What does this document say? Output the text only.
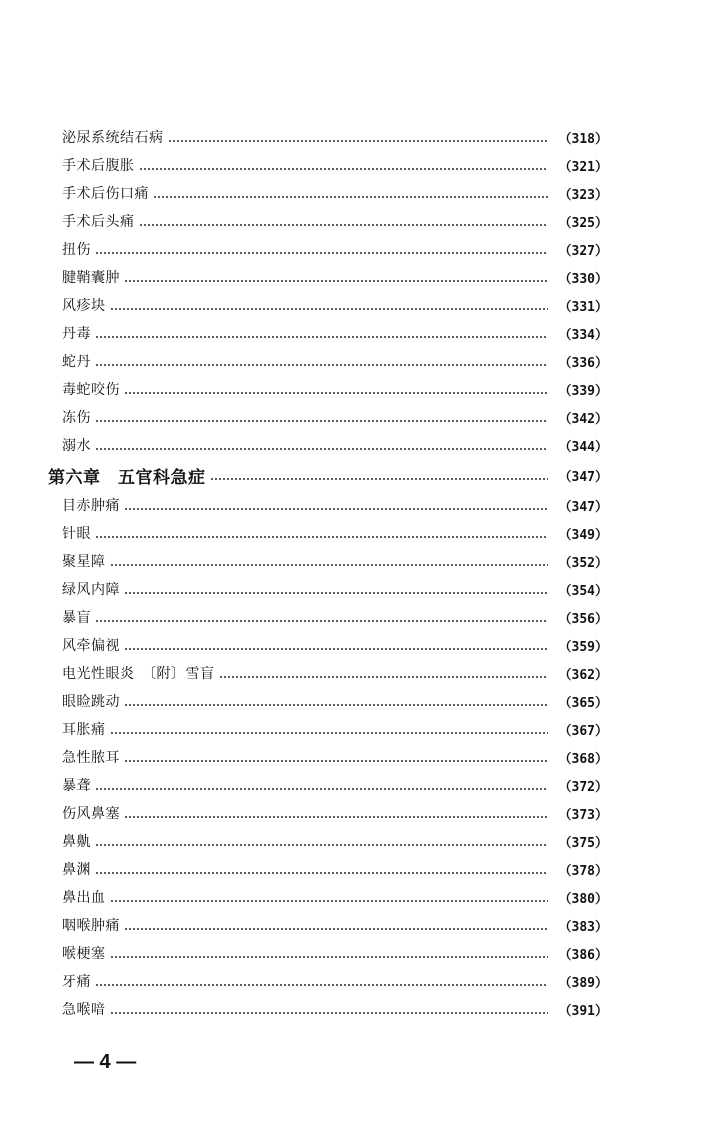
泌尿系统结石病	（318）
手术后腹胀	（321）
手术后伤口痛	（323）
手术后头痛	（325）
扭伤	（327）
腱鞘囊肿	（330）
风疹块	（331）
丹毒	（334）
蛇丹	（336）
毒蛇咬伤	（339）
冻伤	（342）
溺水	（344）
第六章　五官科急症	（347）
目赤肿痛	（347）
针眼	（349）
聚星障	（352）
绿风内障	（354）
暴盲	（356）
风牵偏视	（359）
电光性眼炎　〔附〕雪盲	（362）
眼睑跳动	（365）
耳胀痛	（367）
急性脓耳	（368）
暴聋	（372）
伤风鼻塞	（373）
鼻鼽	（375）
鼻渊	（378）
鼻出血	（380）
咽喉肿痛	（383）
喉梗塞	（386）
牙痛	（389）
急喉喑	（391）
— 4 —
